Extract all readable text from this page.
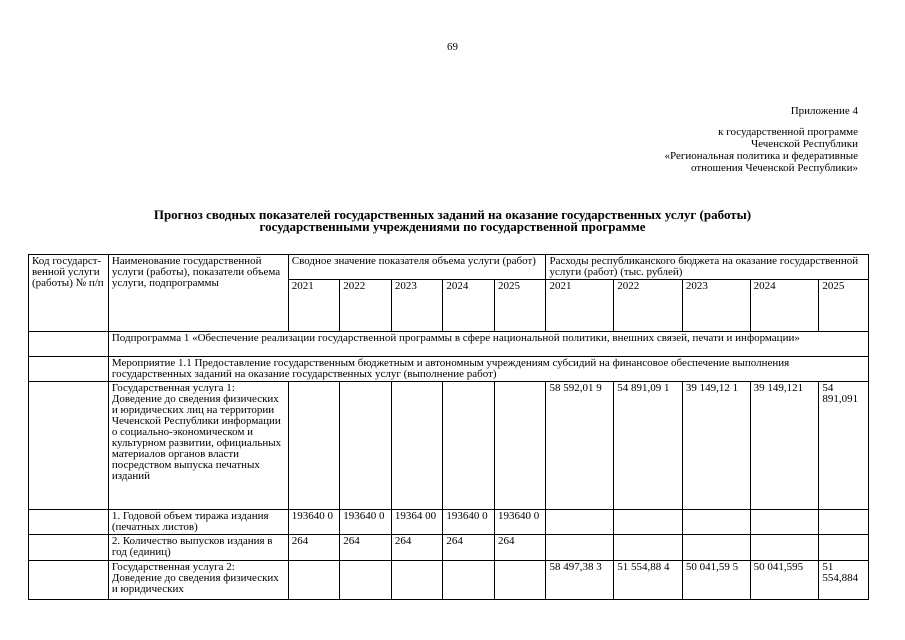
69
Приложение 4
к государственной программе
Чеченской Республики
«Региональная политика и федеративные
отношения Чеченской Республики»
Прогноз сводных показателей государственных заданий на оказание государственных услуг (работы)
государственными учреждениями по государственной программе
Код государст-венной услуги (работы) № п/п	Наименование государственной услуги (работы), показатели объема услуги, подпрограммы	Сводное значение показателя объема услуги (работ)					Расходы республиканского бюджета на оказание государственной услуги (работ) (тыс. рублей)				
		2021	2022	2023	2024	2025	2021	2022	2023	2024	2025
	Подпрограмма 1 «Обеспечение реализации государственной программы в сфере национальной политики, внешних связей, печати и информации»										
	Мероприятие 1.1 Предоставление государственным бюджетным и автономным учреждениям субсидий на финансовое обеспечение выполнения государственных заданий на оказание государственных услуг (выполнение работ)										
	Государственная услуга 1: Доведение до сведения физических и юридических лиц на территории Чеченской Республики информации о социально-экономическом и культурном развитии, официальных материалов органов власти посредством выпуска печатных изданий						58 592,01 9	54 891,09 1	39 149,12 1	39 149,121	54 891,091
	1. Годовой объем тиража издания (печатных листов)	193640 0	193640 0	19364 00	193640 0	193640 0					
	2. Количество выпусков издания в год (единиц)	264	264	264	264	264					
	Государственная услуга 2: Доведение до сведения физических и юридических						58 497,38 3	51 554,88 4	50 041,59 5	50 041,595	51 554,884
